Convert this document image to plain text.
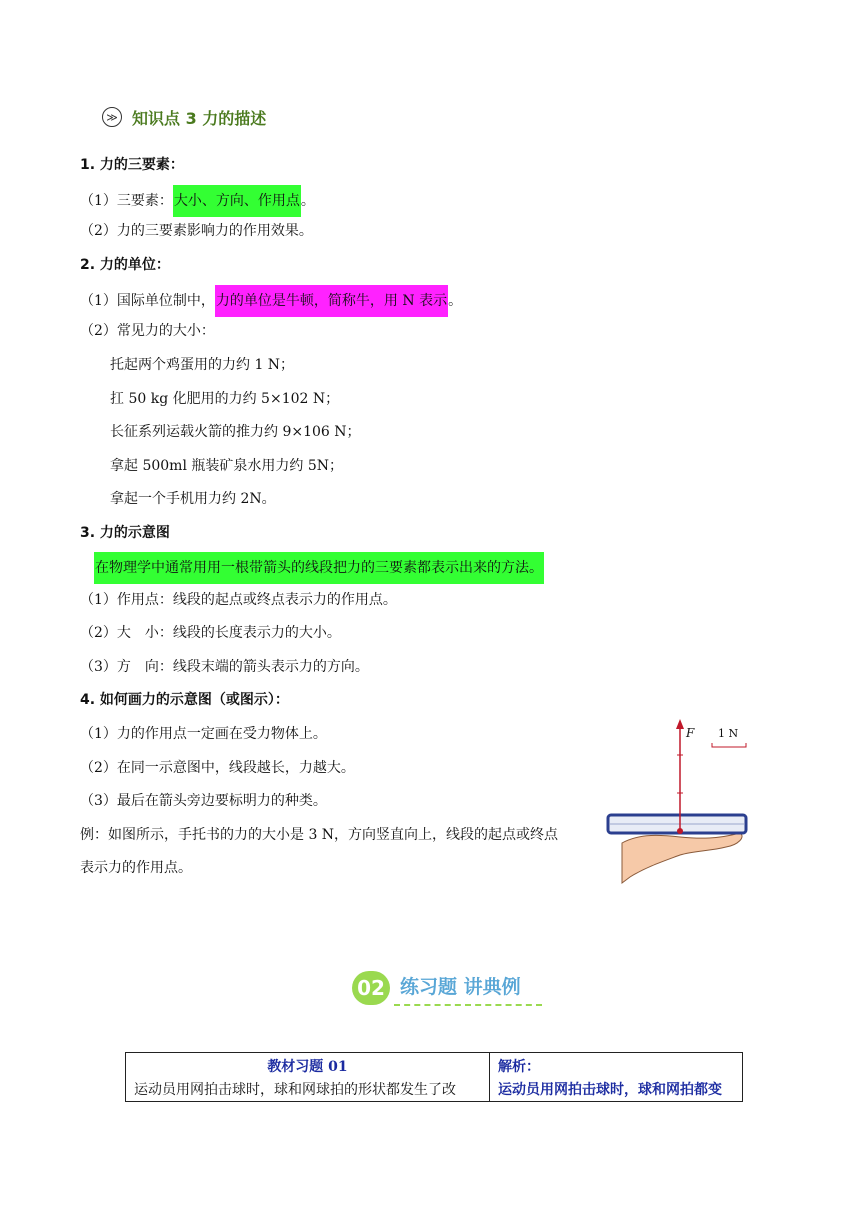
≫ 知识点 3 力的描述
1. 力的三要素：
（1）三要素：大小、方向、作用点。
（2）力的三要素影响力的作用效果。
2. 力的单位：
（1）国际单位制中，力的单位是牛顿，简称牛，用 N 表示。
（2）常见力的大小：
托起两个鸡蛋用的力约 1 N；
扛 50 kg 化肥用的力约 5×102 N；
长征系列运载火箭的推力约 9×106 N；
拿起 500ml 瓶装矿泉水用力约 5N；
拿起一个手机用力约 2N。
3. 力的示意图
在物理学中通常用用一根带箭头的线段把力的三要素都表示出来的方法。
（1）作用点：线段的起点或终点表示力的作用点。
（2）大　小：线段的长度表示力的大小。
（3）方　向：线段末端的箭头表示力的方向。
4. 如何画力的示意图（或图示）：
（1）力的作用点一定画在受力物体上。
（2）在同一示意图中，线段越长，力越大。
（3）最后在箭头旁边要标明力的种类。
例：如图所示，手托书的力的大小是 3 N，方向竖直向上，线段的起点或终点
表示力的作用点。
F 1 N
02 练习题 讲典例
教材习题 01
运动员用网拍击球时，球和网球拍的形状都发生了改
解析：
运动员用网拍击球时，球和网拍都变
